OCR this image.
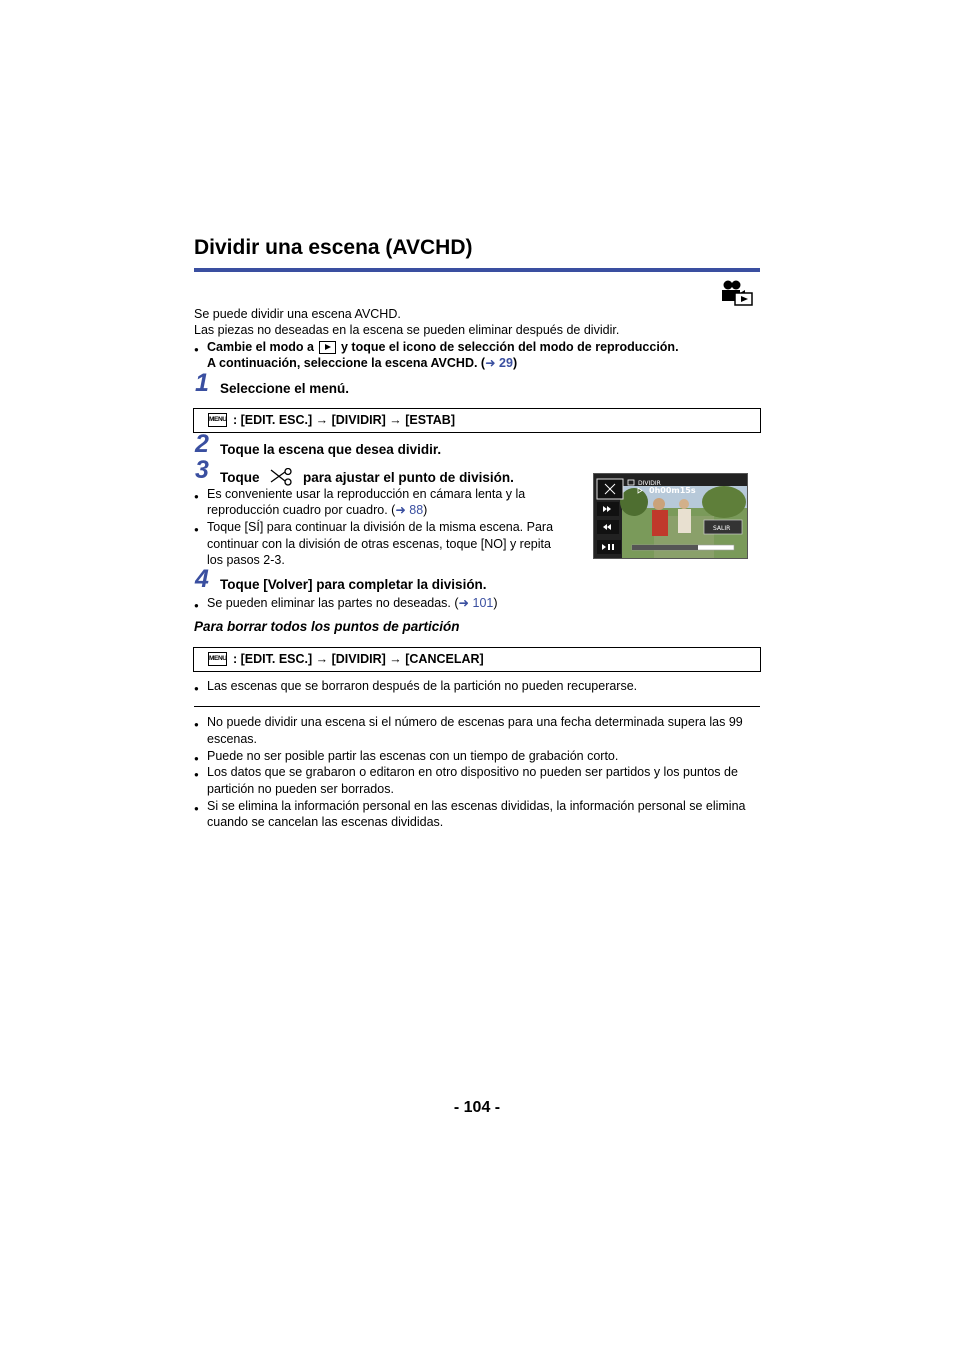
Dividir una escena (AVCHD)
Se puede dividir una escena AVCHD.
Las piezas no deseadas en la escena se pueden eliminar después de dividir.
● Cambie el modo a y toque el icono de selección del modo de reproducción.
A continuación, seleccione la escena AVCHD. (➜ 29)
1 Seleccione el menú.
MENU : [EDIT. ESC.] → [DIVIDIR] → [ESTAB]
2 Toque la escena que desea dividir.
3 Toque	para ajustar el punto de división.
● Es conveniente usar la reproducción en cámara lenta y la
reproducción cuadro por cuadro. (➜ 88)
● Toque [SÍ] para continuar la división de la misma escena. Para
continuar con la división de otras escenas, toque [NO] y repita
los pasos 2-3.
DIVIDIR
0h00m15s
SALIR
4 Toque [Volver] para completar la división.
● Se pueden eliminar las partes no deseadas. (➜ 101)
Para borrar todos los puntos de partición
MENU : [EDIT. ESC.] → [DIVIDIR] → [CANCELAR]
● Las escenas que se borraron después de la partición no pueden recuperarse.
● No puede dividir una escena si el número de escenas para una fecha determinada supera las 99
escenas.
● Puede no ser posible partir las escenas con un tiempo de grabación corto.
● Los datos que se grabaron o editaron en otro dispositivo no pueden ser partidos y los puntos de
partición no pueden ser borrados.
● Si se elimina la información personal en las escenas divididas, la información personal se elimina
cuando se cancelan las escenas divididas.
- 104 -
